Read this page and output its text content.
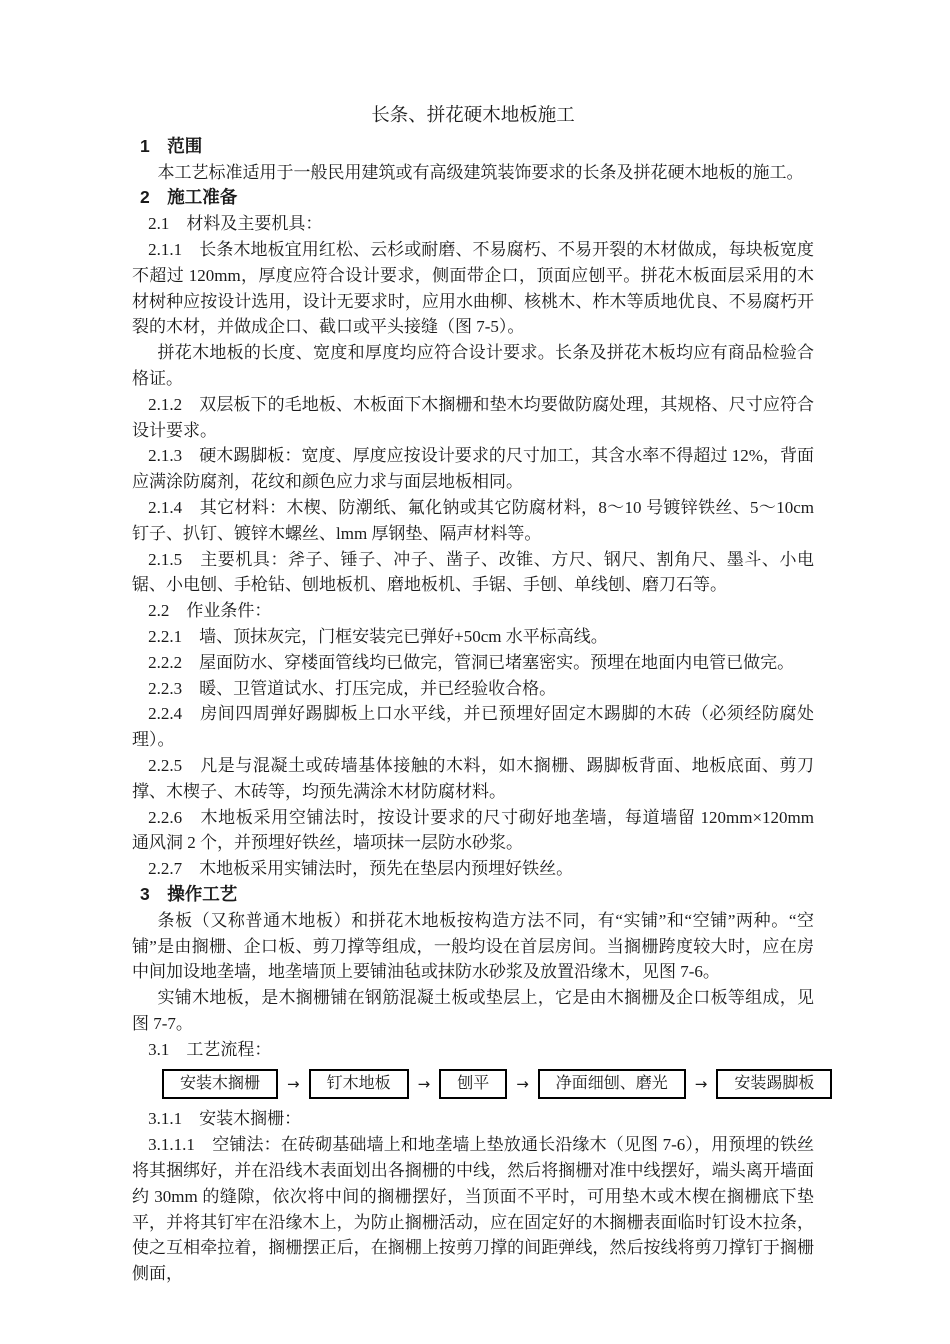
长条、拼花硬木地板施工
1　范围
本工艺标准适用于一般民用建筑或有高级建筑装饰要求的长条及拼花硬木地板的施工。
2　施工准备
2.1　材料及主要机具：
2.1.1　长条木地板宜用红松、云杉或耐磨、不易腐朽、不易开裂的木材做成，每块板宽度不超过 120mm，厚度应符合设计要求，侧面带企口，顶面应刨平。拼花木板面层采用的木材树种应按设计选用，设计无要求时，应用水曲柳、核桃木、柞木等质地优良、不易腐朽开裂的木材，并做成企口、截口或平头接缝（图 7-5）。
拼花木地板的长度、宽度和厚度均应符合设计要求。长条及拼花木板均应有商品检验合格证。
2.1.2　双层板下的毛地板、木板面下木搁栅和垫木均要做防腐处理，其规格、尺寸应符合设计要求。
2.1.3　硬木踢脚板：宽度、厚度应按设计要求的尺寸加工，其含水率不得超过 12%，背面应满涂防腐剂，花纹和颜色应力求与面层地板相同。
2.1.4　其它材料：木楔、防潮纸、氟化钠或其它防腐材料，8～10 号镀锌铁丝、5～10cm 钉子、扒钉、镀锌木螺丝、lmm 厚钢垫、隔声材料等。
2.1.5　主要机具：斧子、锤子、冲子、凿子、改锥、方尺、钢尺、割角尺、墨斗、小电锯、小电刨、手枪钻、刨地板机、磨地板机、手锯、手刨、单线刨、磨刀石等。
2.2　作业条件：
2.2.1　墙、顶抹灰完，门框安装完已弹好+50cm 水平标高线。
2.2.2　屋面防水、穿楼面管线均已做完，管洞已堵塞密实。预埋在地面内电管已做完。
2.2.3　暖、卫管道试水、打压完成，并已经验收合格。
2.2.4　房间四周弹好踢脚板上口水平线，并已预埋好固定木踢脚的木砖（必须经防腐处理）。
2.2.5　凡是与混凝土或砖墙基体接触的木料，如木搁栅、踢脚板背面、地板底面、剪刀撑、木楔子、木砖等，均预先满涂木材防腐材料。
2.2.6　木地板采用空铺法时，按设计要求的尺寸砌好地垄墙，每道墙留 120mm×120mm 通风洞 2 个，并预埋好铁丝，墙项抹一层防水砂浆。
2.2.7　木地板采用实铺法时，预先在垫层内预埋好铁丝。
3　操作工艺
条板（又称普通木地板）和拼花木地板按构造方法不同，有“实铺”和“空铺”两种。“空铺”是由搁栅、企口板、剪刀撑等组成，一般均设在首层房间。当搁栅跨度较大时，应在房中间加设地垄墙，地垄墙顶上要铺油毡或抹防水砂浆及放置沿缘木，见图 7-6。
实铺木地板，是木搁栅铺在钢筋混凝土板或垫层上，它是由木搁栅及企口板等组成，见图 7-7。
3.1　工艺流程：
安装木搁栅	→	钉木地板	→	刨平	→	净面细刨、磨光	→	安装踢脚板
3.1.1　安装木搁栅：
3.1.1.1　空铺法：在砖砌基础墙上和地垄墙上垫放通长沿缘木（见图 7-6），用预埋的铁丝将其捆绑好，并在沿线木表面划出各搁栅的中线，然后将搁栅对准中线摆好，端头离开墙面约 30mm 的缝隙，依次将中间的搁栅摆好，当顶面不平时，可用垫木或木楔在搁栅底下垫平，并将其钉牢在沿缘木上，为防止搁栅活动，应在固定好的木搁栅表面临时钉设木拉条，使之互相牵拉着，搁栅摆正后，在搁棚上按剪刀撑的间距弹线，然后按线将剪刀撑钉于搁栅侧面，
